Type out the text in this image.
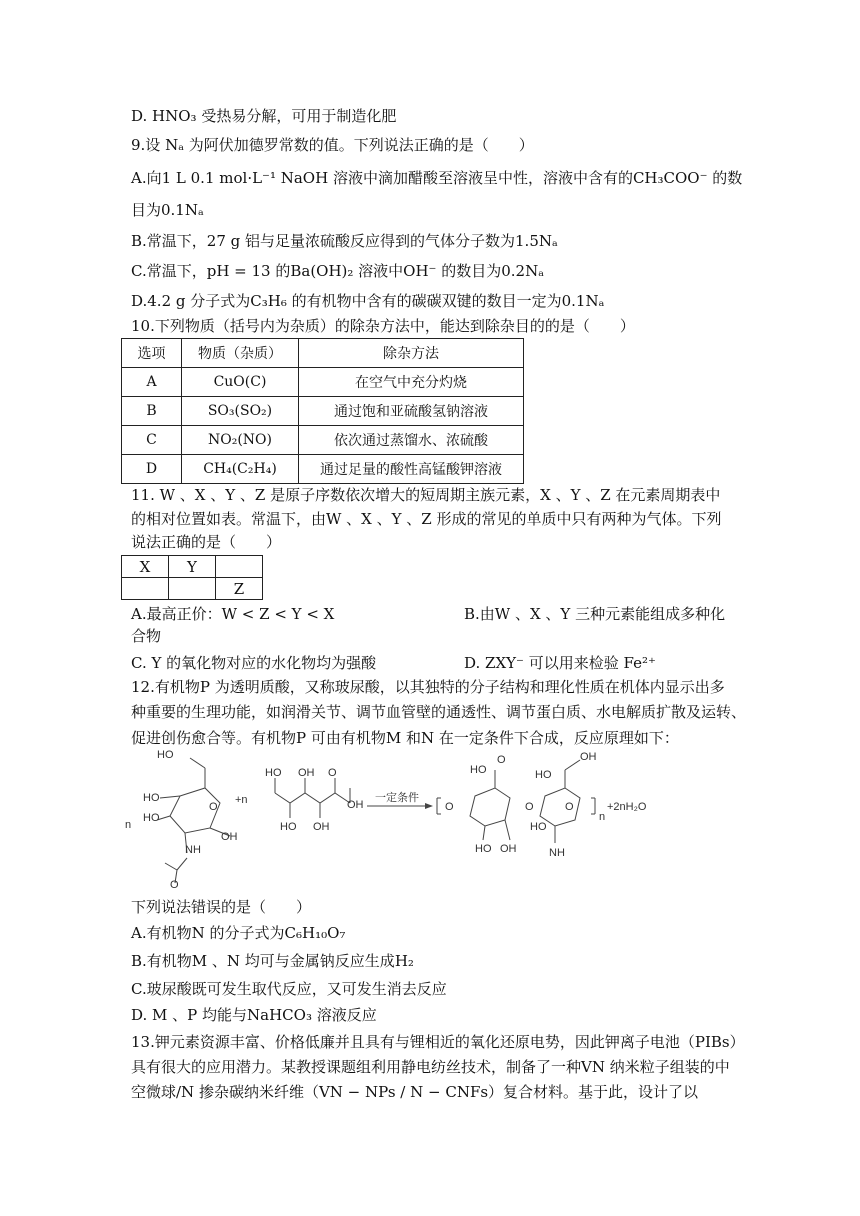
D. HNO₃ 受热易分解，可用于制造化肥
9.设 Nₐ 为阿伏加德罗常数的值。下列说法正确的是（　　）
A.向1 L 0.1 mol·L⁻¹ NaOH 溶液中滴加醋酸至溶液呈中性，溶液中含有的CH₃COO⁻ 的数
目为0.1Nₐ
B.常温下，27 g 铝与足量浓硫酸反应得到的气体分子数为1.5Nₐ
C.常温下，pH = 13 的Ba(OH)₂ 溶液中OH⁻ 的数目为0.2Nₐ
D.4.2 g 分子式为C₃H₆ 的有机物中含有的碳碳双键的数目一定为0.1Nₐ
10.下列物质（括号内为杂质）的除杂方法中，能达到除杂目的的是（　　）
选项	物质（杂质）	除杂方法
A	CuO(C)	在空气中充分灼烧
B	SO₃(SO₂)	通过饱和亚硫酸氢钠溶液
C	NO₂(NO)	依次通过蒸馏水、浓硫酸
D	CH₄(C₂H₄)	通过足量的酸性高锰酸钾溶液
11. W 、X 、Y 、Z 是原子序数依次增大的短周期主族元素，X 、Y 、Z 在元素周期表中
的相对位置如表。常温下，由W 、X 、Y 、Z 形成的常见的单质中只有两种为气体。下列
说法正确的是（　　）
X	Y	
		Z
A.最高正价：W < Z < Y < X	B.由W 、X 、Y 三种元素能组成多种化
合物
C. Y 的氧化物对应的水化物均为强酸	D. ZXY⁻ 可以用来检验 Fe²⁺
12.有机物P 为透明质酸，又称玻尿酸，以其独特的分子结构和理化性质在机体内显示出多
种重要的生理功能，如润滑关节、调节血管壁的通透性、调节蛋白质、水电解质扩散及运转、
促进创伤愈合等。有机物P 可由有机物M 和N 在一定条件下合成，反应原理如下：
n
HO
HO
HO
O
OH
NH
O
+n
HO OH O
HO OH
OH
一定条件
O
HO
O
O
HO OH
O
HO
HO
OH
NH
n
+2nH₂O
下列说法错误的是（　　）
A.有机物N 的分子式为C₆H₁₀O₇
B.有机物M 、N 均可与金属钠反应生成H₂
C.玻尿酸既可发生取代反应，又可发生消去反应
D. M 、P 均能与NaHCO₃ 溶液反应
13.钾元素资源丰富、价格低廉并且具有与锂相近的氧化还原电势，因此钾离子电池（PIBs）
具有很大的应用潜力。某教授课题组利用静电纺丝技术，制备了一种VN 纳米粒子组装的中
空微球/N 掺杂碳纳米纤维（VN − NPs / N − CNFs）复合材料。基于此，设计了以
